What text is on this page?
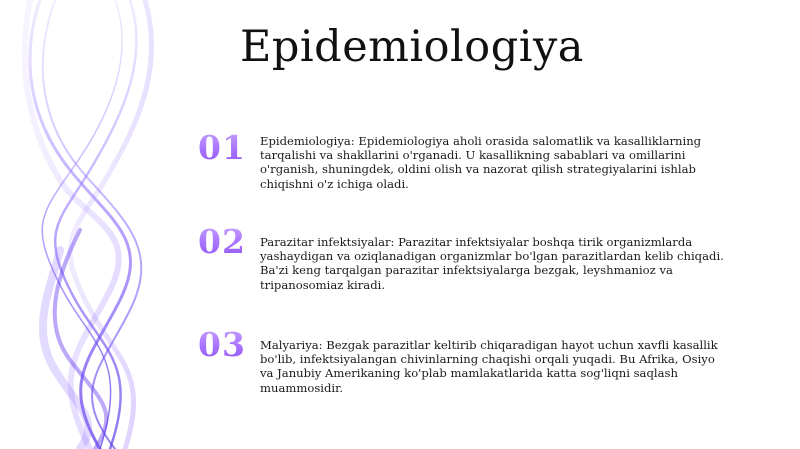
Epidemiologiya
01	Epidemiologiya: Epidemiologiya aholi orasida salomatlik va kasalliklarning tarqalishi va shakllarini o'rganadi. U kasallikning sabablari va omillarini o'rganish, shuningdek, oldini olish va nazorat qilish strategiyalarini ishlab chiqishni o'z ichiga oladi.
02	Parazitar infektsiyalar: Parazitar infektsiyalar boshqa tirik organizmlarda yashaydigan va oziqlanadigan organizmlar bo'lgan parazitlardan kelib chiqadi. Ba'zi keng tarqalgan parazitar infektsiyalarga bezgak, leyshmanioz va tripanosomiaz kiradi.
03	Malyariya: Bezgak parazitlar keltirib chiqaradigan hayot uchun xavfli kasallik bo'lib, infektsiyalangan chivinlarning chaqishi orqali yuqadi. Bu Afrika, Osiyo va Janubiy Amerikaning ko'plab mamlakatlarida katta sog'liqni saqlash muammosidir.
